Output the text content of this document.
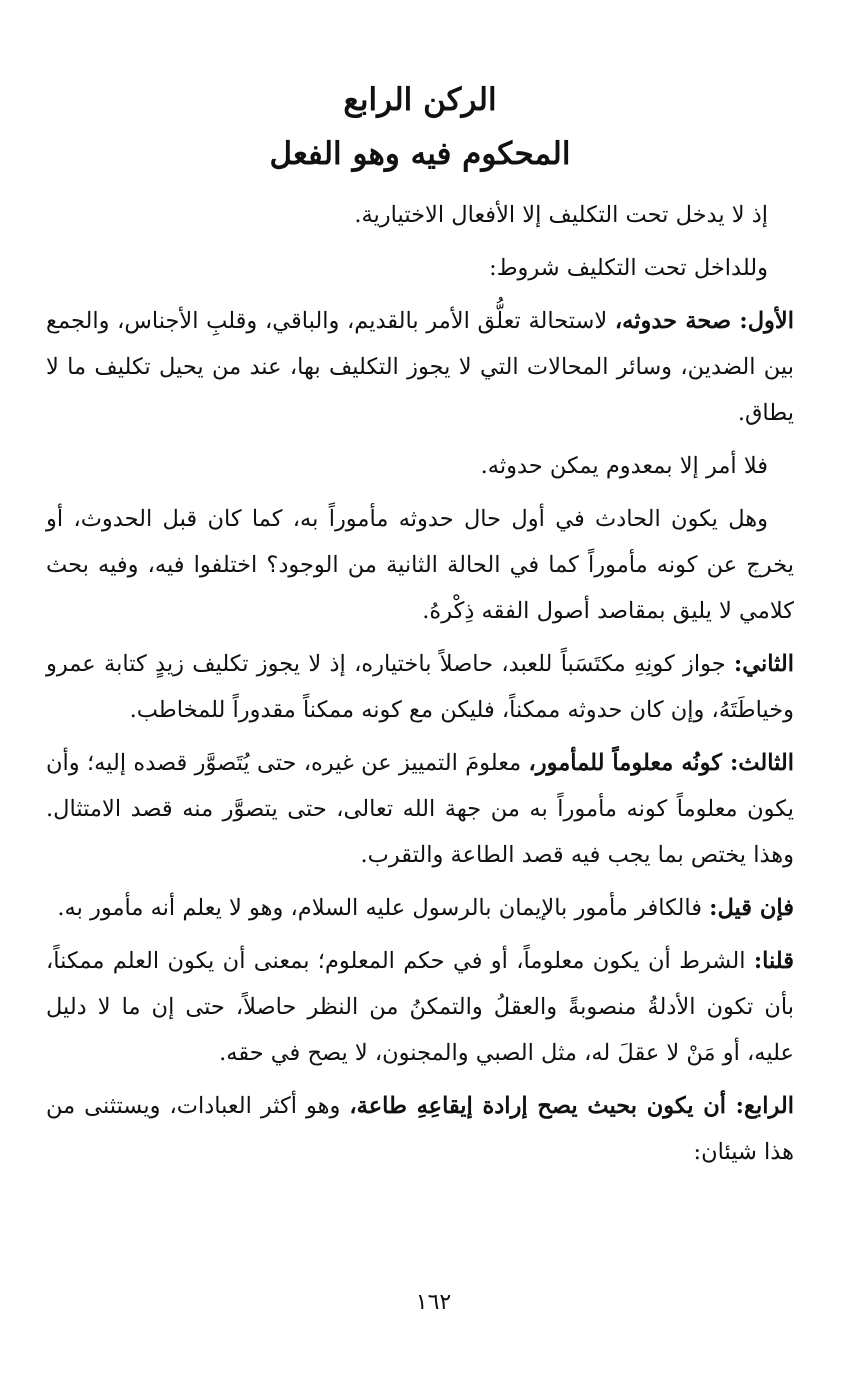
الركن الرابع
المحكوم فيه وهو الفعل

إذ لا يدخل تحت التكليف إلا الأفعال الاختيارية.

وللداخل تحت التكليف شروط:

الأول: صحة حدوثه، لاستحالة تعلُّق الأمر بالقديم، والباقي، وقلبِ الأجناس، والجمع بين الضدين، وسائر المحالات التي لا يجوز التكليف بها، عند من يحيل تكليف ما لا يطاق.

فلا أمر إلا بمعدوم يمكن حدوثه.

وهل يكون الحادث في أول حال حدوثه مأموراً به، كما كان قبل الحدوث، أو يخرج عن كونه مأموراً كما في الحالة الثانية من الوجود؟ اختلفوا فيه، وفيه بحث كلامي لا يليق بمقاصد أصول الفقه ذِكْرهُ.

الثاني: جواز كونِهِ مكتَسَباً للعبد، حاصلاً باختياره، إذ لا يجوز تكليف زيدٍ كتابة عمرو وخياطَتَهُ، وإن كان حدوثه ممكناً، فليكن مع كونه ممكناً مقدوراً للمخاطب.

الثالث: كونُه معلوماً للمأمور، معلومَ التمييز عن غيره، حتى يُتَصوَّر قصده إليه؛ وأن يكون معلوماً كونه مأموراً به من جهة الله تعالى، حتى يتصوَّر منه قصد الامتثال. وهذا يختص بما يجب فيه قصد الطاعة والتقرب.

فإن قيل: فالكافر مأمور بالإيمان بالرسول عليه السلام، وهو لا يعلم أنه مأمور به.

قلنا: الشرط أن يكون معلوماً، أو في حكم المعلوم؛ بمعنى أن يكون العلم ممكناً، بأن تكون الأدلةُ منصوبةً والعقلُ والتمكنُ من النظر حاصلاً، حتى إن ما لا دليل عليه، أو مَنْ لا عقلَ له، مثل الصبي والمجنون، لا يصح في حقه.

الرابع: أن يكون بحيث يصح إرادة إيقاعِهِ طاعة، وهو أكثر العبادات، ويستثنى من هذا شيئان:

١٦٢
